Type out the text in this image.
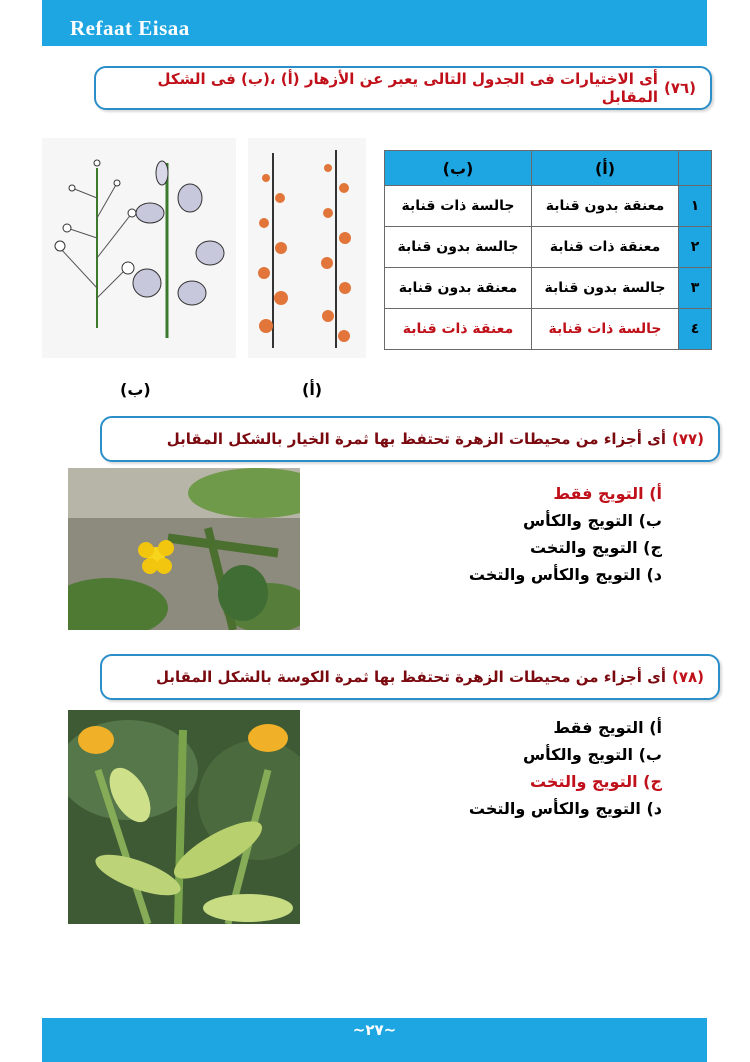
Refaat Eisaa
(٧٦)
أى الاختيارات فى الجدول التالى يعبر عن الأزهار (أ) ،(ب) فى الشكل المقابل
(ب)	(أ)
	(أ)	(ب)
١	معنقة بدون قنابة	جالسة ذات قنابة
٢	معنقة ذات قنابة	جالسة بدون قنابة
٣	جالسة بدون قنابة	معنقة بدون قنابة
٤	جالسة ذات قنابة	معنقة ذات قنابة
(٧٧)
أى أجزاء من محيطات الزهرة تحتفظ بها ثمرة الخيار بالشكل المقابل
أ) التويج فقط
ب) التويج والكأس
ج) التويج والتخت
د) التويج والكأس والتخت
(٧٨)
أى أجزاء من محيطات الزهرة تحتفظ بها ثمرة الكوسة بالشكل المقابل
أ) التويج فقط
ب) التويج والكأس
ج) التويج والتخت
د) التويج والكأس والتخت
~٢٧~
